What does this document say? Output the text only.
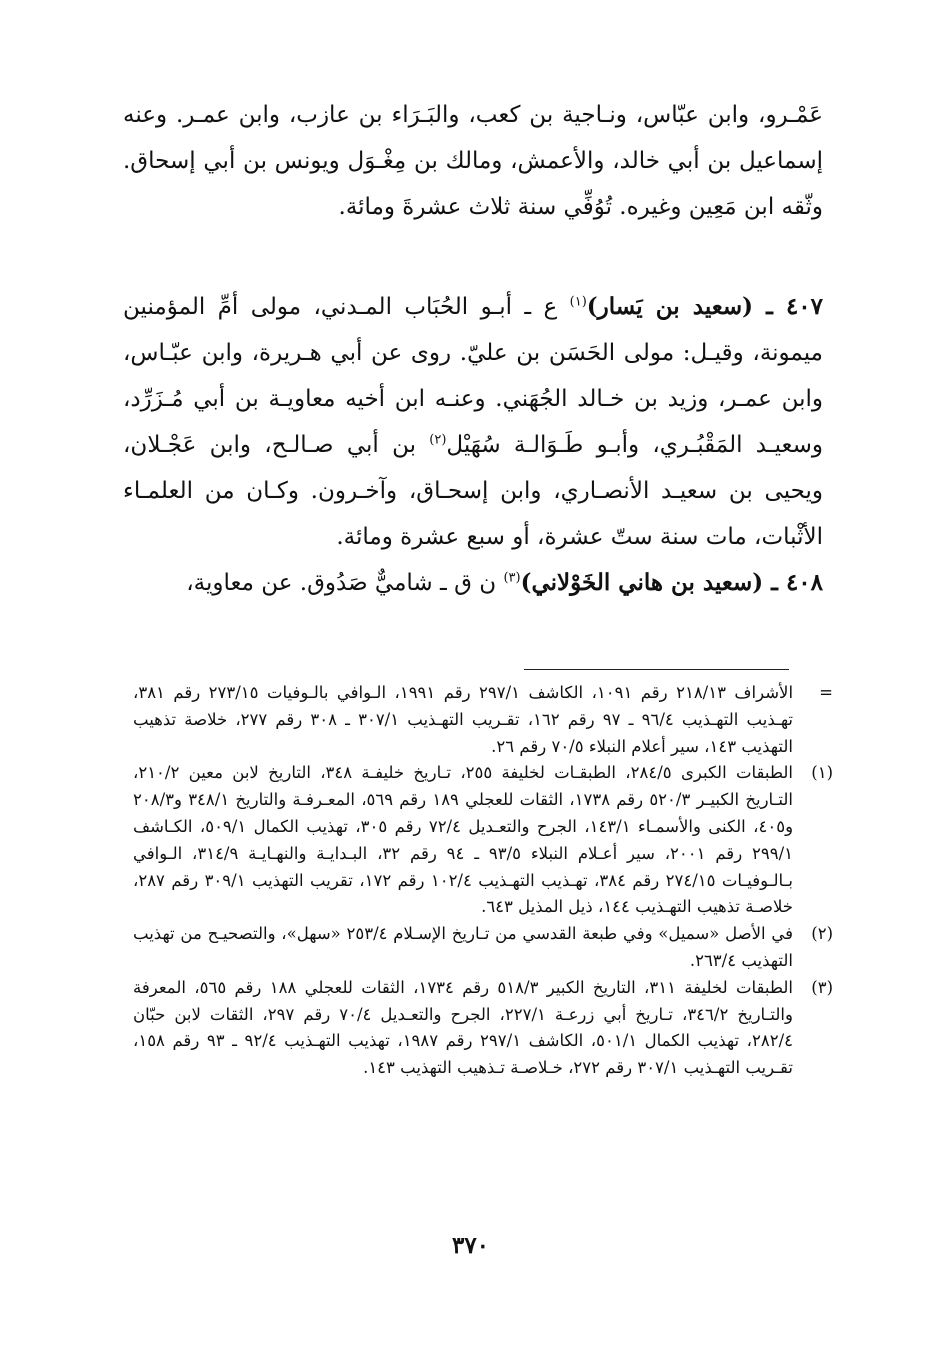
عَمْـرو، وابن عبّاس، ونـاجية بن كعب، والبَـرَاء بن عازب، وابن عمـر. وعنه إسماعيل بن أبي خالد، والأعمش، ومالك بن مِغْـوَل ويونس بن أبي إسحاق. وثّقه ابن مَعِين وغيره. تُوُفِّي سنة ثلاث عشرةَ ومائة.

٤٠٧ ـ (سعيد بن يَسار)$^{(١)}$ ع ـ أبـو الحُبَاب المـدني، مولى أمِّ المؤمنين ميمونة، وقيـل: مولى الحَسَن بن عليّ. روى عن أبي هـريرة، وابن عبّـاس، وابن عمـر، وزيد بن خـالد الجُهَني. وعنـه ابن أخيه معاويـة بن أبي مُـزَرِّد، وسعيـد المَقْبُـري، وأبـو طَـوَالـة سُهَيْل$^{(٢)}$ بن أبي صـالـح، وابن عَجْـلان، ويحيى بن سعيـد الأنصـاري، وابن إسحـاق، وآخـرون. وكـان من العلمـاء الأثْبات، مات سنة ستّ عشرة، أو سبع عشرة ومائة.

٤٠٨ ـ (سعيد بن هاني الخَوْلاني)$^{(٣)}$ ن ق ـ شاميٌّ صَدُوق. عن معاوية،

=
الأشراف ٢١٨/١٣ رقم ١٠٩١، الكاشف ٢٩٧/١ رقم ١٩٩١، الـوافي بالـوفيات ٢٧٣/١٥ رقم ٣٨١، تهـذيب التهـذيب ٩٦/٤ ـ ٩٧ رقم ١٦٢، تقـريب التهـذيب ٣٠٧/١ ـ ٣٠٨ رقم ٢٧٧، خلاصة تذهيب التهذيب ١٤٣، سير أعلام النبلاء ٧٠/٥ رقم ٢٦.
(١)
الطبقات الكبرى ٢٨٤/٥، الطبقـات لخليفة ٢٥٥، تـاريخ خليفـة ٣٤٨، التاريخ لابن معين ٢١٠/٢، التـاريخ الكبيـر ٥٢٠/٣ رقم ١٧٣٨، الثقات للعجلي ١٨٩ رقم ٥٦٩، المعـرفـة والتاريخ ٣٤٨/١ و٢٠٨/٣ و٤٠٥، الكنى والأسمـاء ١٤٣/١، الجرح والتعـديل ٧٢/٤ رقم ٣٠٥، تهذيب الكمال ٥٠٩/١، الكـاشف ٢٩٩/١ رقم ٢٠٠١، سير أعـلام النبلاء ٩٣/٥ ـ ٩٤ رقم ٣٢، البـدايـة والنهـايـة ٣١٤/٩، الـوافي بـالـوفيـات ٢٧٤/١٥ رقم ٣٨٤، تهـذيب التهـذيب ١٠٢/٤ رقم ١٧٢، تقريب التهذيب ٣٠٩/١ رقم ٢٨٧، خلاصـة تذهيب التهـذيب ١٤٤، ذيل المذيل ٦٤٣.
(٢)
في الأصل «سميل» وفي طبعة القدسي من تـاريخ الإسـلام ٢٥٣/٤ «سهل»، والتصحيـح من تهذيب التهذيب ٢٦٣/٤.
(٣)
الطبقات لخليفة ٣١١، التاريخ الكبير ٥١٨/٣ رقم ١٧٣٤، الثقات للعجلي ١٨٨ رقم ٥٦٥، المعرفة والتـاريخ ٣٤٦/٢، تـاريخ أبي زرعـة ٢٢٧/١، الجرح والتعـديل ٧٠/٤ رقم ٢٩٧، الثقات لابن حبّان ٢٨٢/٤، تهذيب الكمال ٥٠١/١، الكاشف ٢٩٧/١ رقم ١٩٨٧، تهذيب التهـذيب ٩٢/٤ ـ ٩٣ رقم ١٥٨، تقـريب التهـذيب ٣٠٧/١ رقم ٢٧٢، خـلاصـة تـذهيب التهذيب ١٤٣.
٣٧٠
